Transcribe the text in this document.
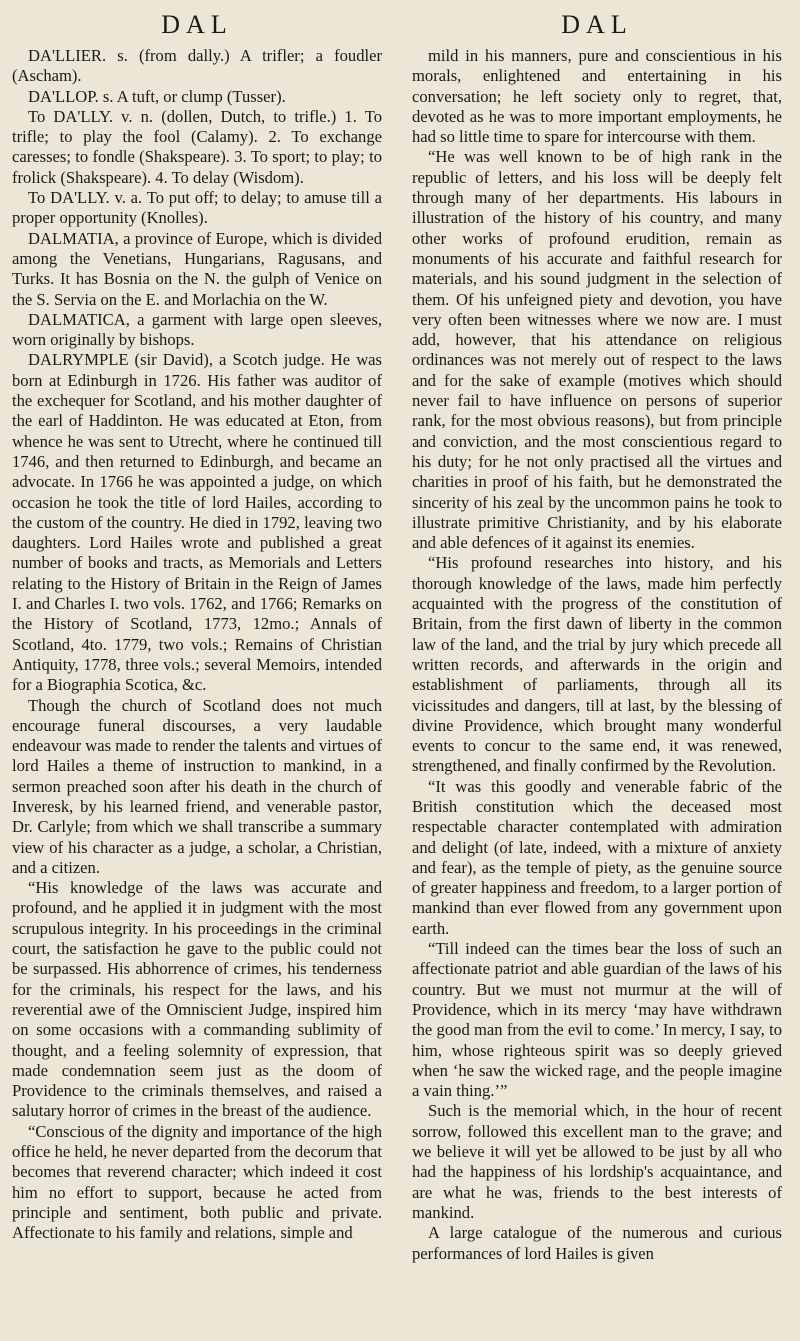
DAL

DA'LLIER. s. (from dally.) A trifler; a foudler (Ascham).

DA'LLOP. s. A tuft, or clump (Tusser).

To DA'LLY. v. n. (dollen, Dutch, to trifle.) 1. To trifle; to play the fool (Calamy). 2. To exchange caresses; to fondle (Shakspeare). 3. To sport; to play; to frolick (Shakspeare). 4. To delay (Wisdom).

To DA'LLY. v. a. To put off; to delay; to amuse till a proper opportunity (Knolles).

DALMATIA, a province of Europe, which is divided among the Venetians, Hungarians, Ragusans, and Turks. It has Bosnia on the N. the gulph of Venice on the S. Servia on the E. and Morlachia on the W.

DALMATICA, a garment with large open sleeves, worn originally by bishops.

DALRYMPLE (sir David), a Scotch judge. He was born at Edinburgh in 1726. His father was auditor of the exchequer for Scotland, and his mother daughter of the earl of Haddinton. He was educated at Eton, from whence he was sent to Utrecht, where he continued till 1746, and then returned to Edinburgh, and became an advocate. In 1766 he was appointed a judge, on which occasion he took the title of lord Hailes, according to the custom of the country. He died in 1792, leaving two daughters. Lord Hailes wrote and published a great number of books and tracts, as Memorials and Letters relating to the History of Britain in the Reign of James I. and Charles I. two vols. 1762, and 1766; Remarks on the History of Scotland, 1773, 12mo.; Annals of Scotland, 4to. 1779, two vols.; Remains of Christian Antiquity, 1778, three vols.; several Memoirs, intended for a Biographia Scotica, &c.

Though the church of Scotland does not much encourage funeral discourses, a very laudable endeavour was made to render the talents and virtues of lord Hailes a theme of instruction to mankind, in a sermon preached soon after his death in the church of Inveresk, by his learned friend, and venerable pastor, Dr. Carlyle; from which we shall transcribe a summary view of his character as a judge, a scholar, a Christian, and a citizen.

“His knowledge of the laws was accurate and profound, and he applied it in judgment with the most scrupulous integrity. In his proceedings in the criminal court, the satisfaction he gave to the public could not be surpassed. His abhorrence of crimes, his tenderness for the criminals, his respect for the laws, and his reverential awe of the Omniscient Judge, inspired him on some occasions with a commanding sublimity of thought, and a feeling solemnity of expression, that made condemnation seem just as the doom of Providence to the criminals themselves, and raised a salutary horror of crimes in the breast of the audience.

“Conscious of the dignity and importance of the high office he held, he never departed from the decorum that becomes that reverend character; which indeed it cost him no effort to support, because he acted from principle and sentiment, both public and private. Affectionate to his family and relations, simple and

DAL

mild in his manners, pure and conscientious in his morals, enlightened and entertaining in his conversation; he left society only to regret, that, devoted as he was to more important employments, he had so little time to spare for intercourse with them.

“He was well known to be of high rank in the republic of letters, and his loss will be deeply felt through many of her departments. His labours in illustration of the history of his country, and many other works of profound erudition, remain as monuments of his accurate and faithful research for materials, and his sound judgment in the selection of them. Of his unfeigned piety and devotion, you have very often been witnesses where we now are. I must add, however, that his attendance on religious ordinances was not merely out of respect to the laws and for the sake of example (motives which should never fail to have influence on persons of superior rank, for the most obvious reasons), but from principle and conviction, and the most conscientious regard to his duty; for he not only practised all the virtues and charities in proof of his faith, but he demonstrated the sincerity of his zeal by the uncommon pains he took to illustrate primitive Christianity, and by his elaborate and able defences of it against its enemies.

“His profound researches into history, and his thorough knowledge of the laws, made him perfectly acquainted with the progress of the constitution of Britain, from the first dawn of liberty in the common law of the land, and the trial by jury which precede all written records, and afterwards in the origin and establishment of parliaments, through all its vicissitudes and dangers, till at last, by the blessing of divine Providence, which brought many wonderful events to concur to the same end, it was renewed, strengthened, and finally confirmed by the Revolution.

“It was this goodly and venerable fabric of the British constitution which the deceased most respectable character contemplated with admiration and delight (of late, indeed, with a mixture of anxiety and fear), as the temple of piety, as the genuine source of greater happiness and freedom, to a larger portion of mankind than ever flowed from any government upon earth.

“Till indeed can the times bear the loss of such an affectionate patriot and able guardian of the laws of his country. But we must not murmur at the will of Providence, which in its mercy ‘may have withdrawn the good man from the evil to come.’ In mercy, I say, to him, whose righteous spirit was so deeply grieved when ‘he saw the wicked rage, and the people imagine a vain thing.’”

Such is the memorial which, in the hour of recent sorrow, followed this excellent man to the grave; and we believe it will yet be allowed to be just by all who had the happiness of his lordship's acquaintance, and are what he was, friends to the best interests of mankind.

A large catalogue of the numerous and curious performances of lord Hailes is given
